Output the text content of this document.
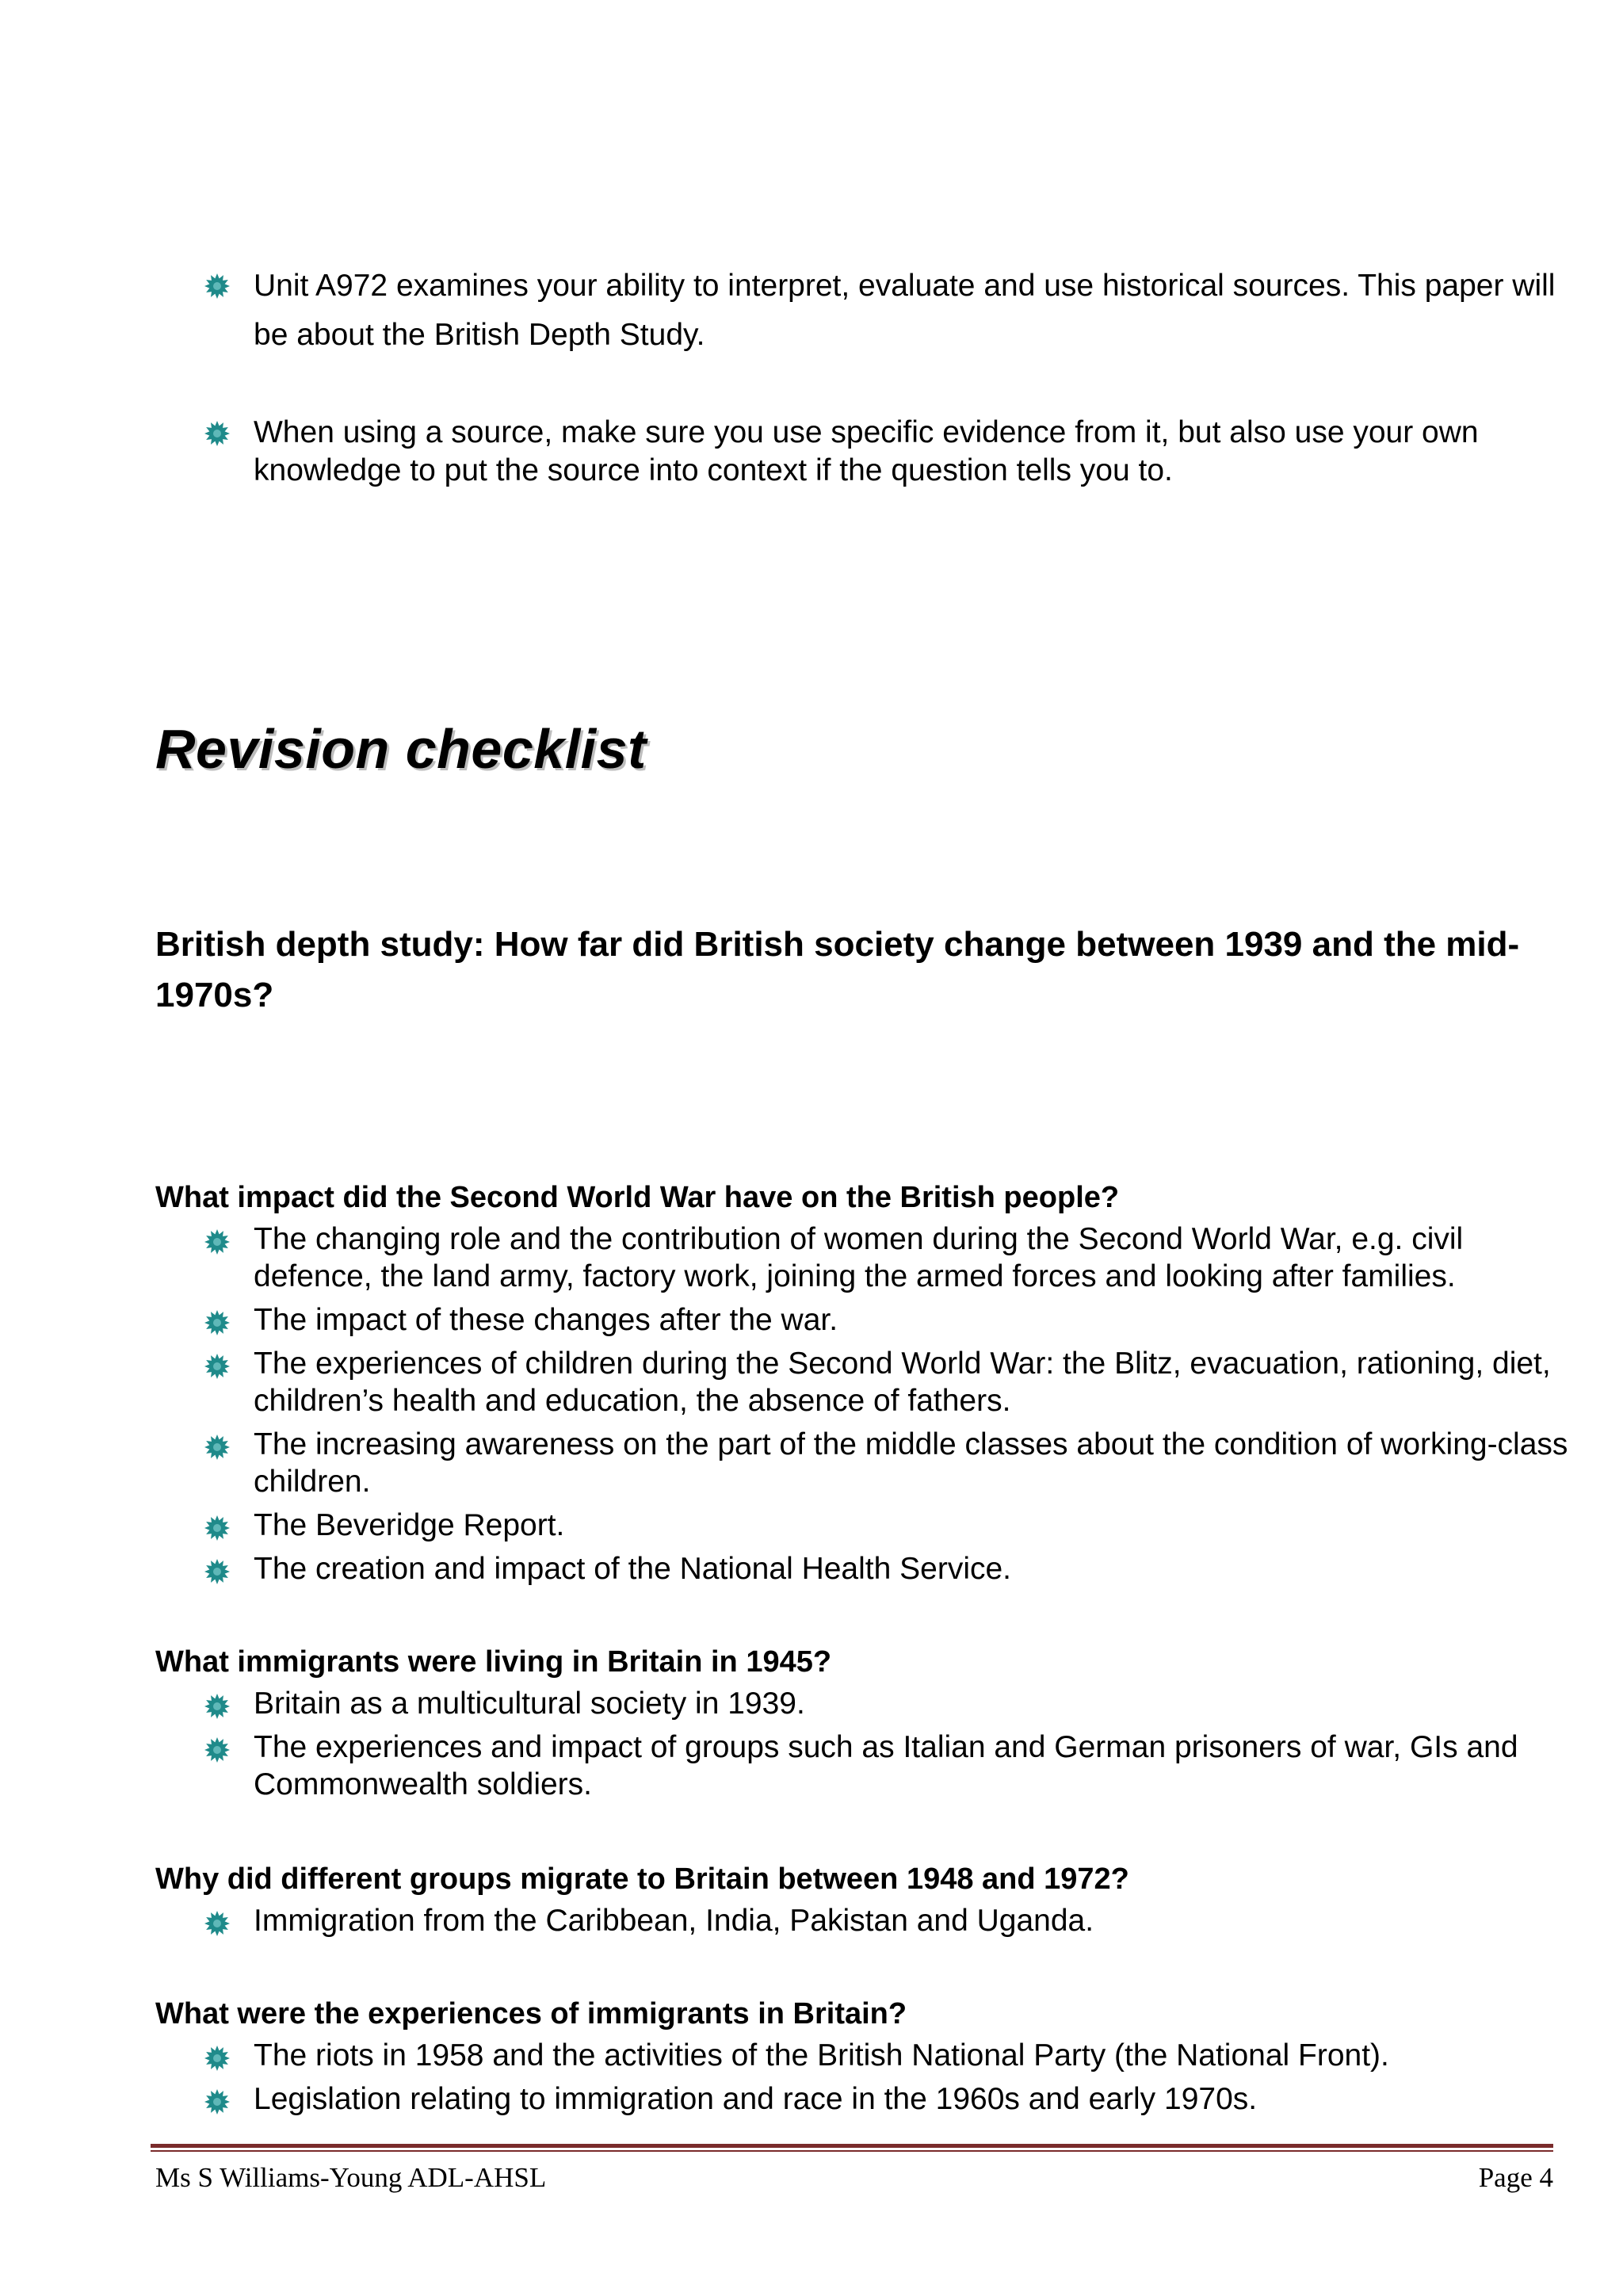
Unit A972 examines your ability to interpret, evaluate and use historical sources. This paper will be about the British Depth Study.
When using a source, make sure you use specific evidence from it, but also use your own knowledge to put the source into context if the question tells you to.
Revision checklist
British depth study: How far did British society change between 1939 and the mid-1970s?
What impact did the Second World War have on the British people?
The changing role and the contribution of women during the Second World War, e.g. civil defence, the land army, factory work, joining the armed forces and looking after families.
The impact of these changes after the war.
The experiences of children during the Second World War: the Blitz, evacuation, rationing, diet, children’s health and education, the absence of fathers.
The increasing awareness on the part of the middle classes about the condition of working-class children.
The Beveridge Report.
The creation and impact of the National Health Service.
What immigrants were living in Britain in 1945?
Britain as a multicultural society in 1939.
The experiences and impact of groups such as Italian and German prisoners of war, GIs and Commonwealth soldiers.
Why did different groups migrate to Britain between 1948 and 1972?
Immigration from the Caribbean, India, Pakistan and Uganda.
What were the experiences of immigrants in Britain?
The riots in 1958 and the activities of the British National Party (the National Front).
Legislation relating to immigration and race in the 1960s and early 1970s.
Ms S Williams-Young ADL-AHSL	Page 4
